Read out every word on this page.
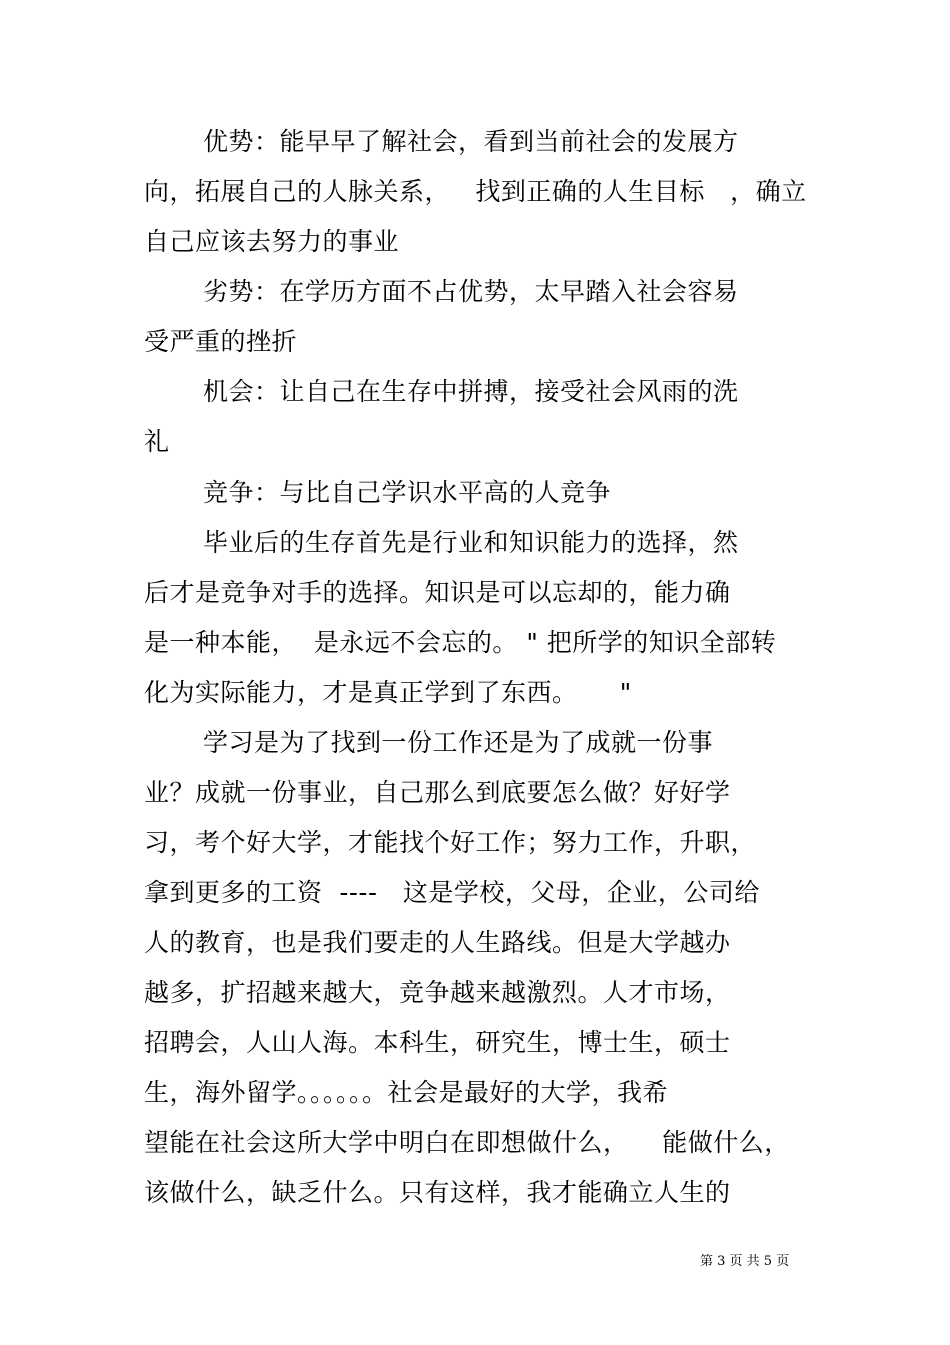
优势：能早早了解社会，看到当前社会的发展方
向，拓展自己的人脉关系，   找到正确的人生目标   ，确立
自己应该去努力的事业
劣势：在学历方面不占优势，太早踏入社会容易
受严重的挫折
机会：让自己在生存中拼搏，接受社会风雨的洗
礼
竞争：与比自己学识水平高的人竞争
毕业后的生存首先是行业和知识能力的选择，然
后才是竞争对手的选择。知识是可以忘却的，能力确
是一种本能，  是永远不会忘的。 " 把所学的知识全部转
化为实际能力，才是真正学到了东西。     "
学习是为了找到一份工作还是为了成就一份事
业？成就一份事业，自己那么到底要怎么做？好好学
习，考个好大学，才能找个好工作；努力工作，升职，
拿到更多的工资  ----   这是学校，父母，企业，公司给
人的教育，也是我们要走的人生路线。但是大学越办
越多，扩招越来越大，竞争越来越激烈。人才市场，
招聘会，人山人海。本科生，研究生，博士生，硕士
生，海外留学。。。。。。社会是最好的大学，我希
望能在社会这所大学中明白在即想做什么，    能做什么，
该做什么，缺乏什么。只有这样，我才能确立人生的
第 3 页 共 5 页
